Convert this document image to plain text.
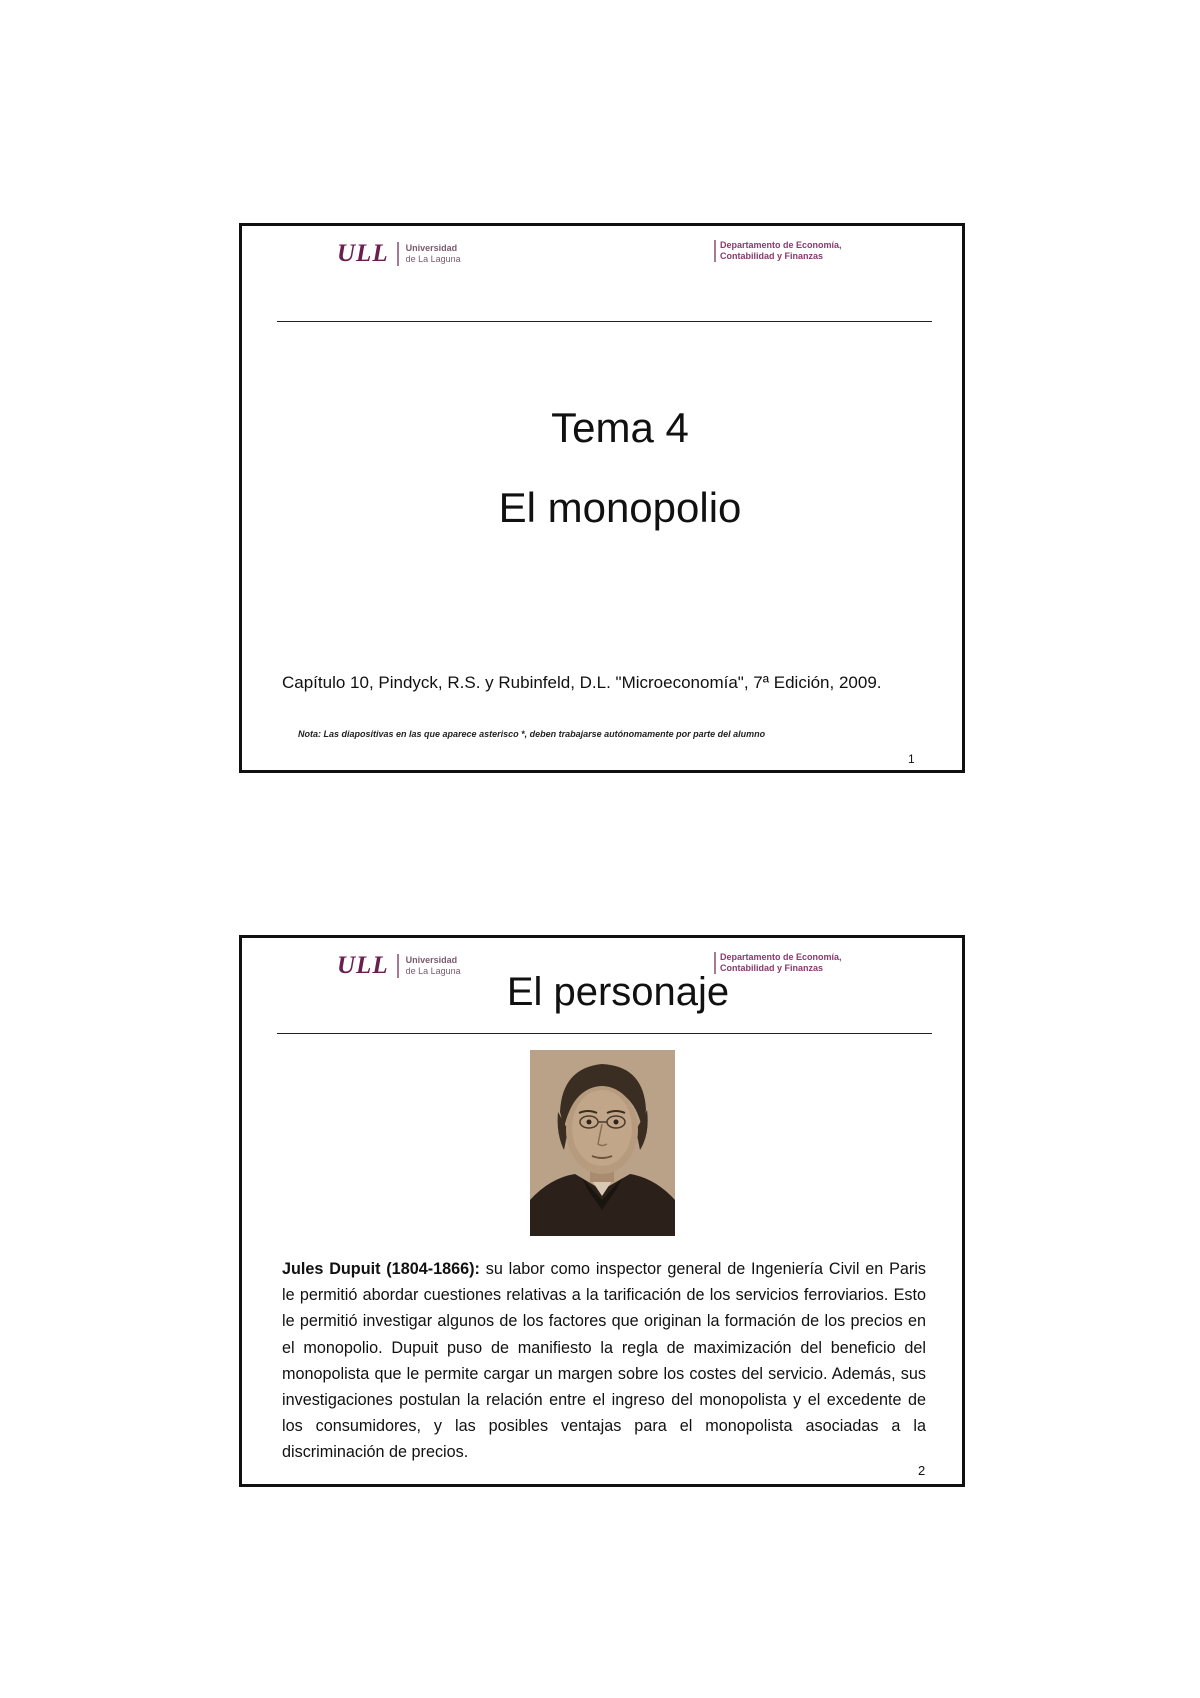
ULL Universidad
de La Laguna
Departamento de Economía,
Contabilidad y Finanzas
Tema 4
El monopolio
Capítulo 10, Pindyck, R.S. y Rubinfeld, D.L. "Microeconomía", 7ª Edición, 2009.
Nota: Las diapositivas en las que aparece asterisco *, deben trabajarse autónomamente por parte del alumno
1
ULL Universidad
de La Laguna
Departamento de Economía,
Contabilidad y Finanzas
El personaje
Jules Dupuit (1804-1866): su labor como inspector general de Ingeniería Civil en Paris le permitió abordar cuestiones relativas a la tarificación de los servicios ferroviarios. Esto le permitió investigar algunos de los factores que originan la formación de los precios en el monopolio. Dupuit puso de manifiesto la regla de maximización del beneficio del monopolista que le permite cargar un margen sobre los costes del servicio. Además, sus investigaciones postulan la relación entre el ingreso del monopolista y el excedente de los consumidores, y las posibles ventajas para el monopolista asociadas a la discriminación de precios.
2
